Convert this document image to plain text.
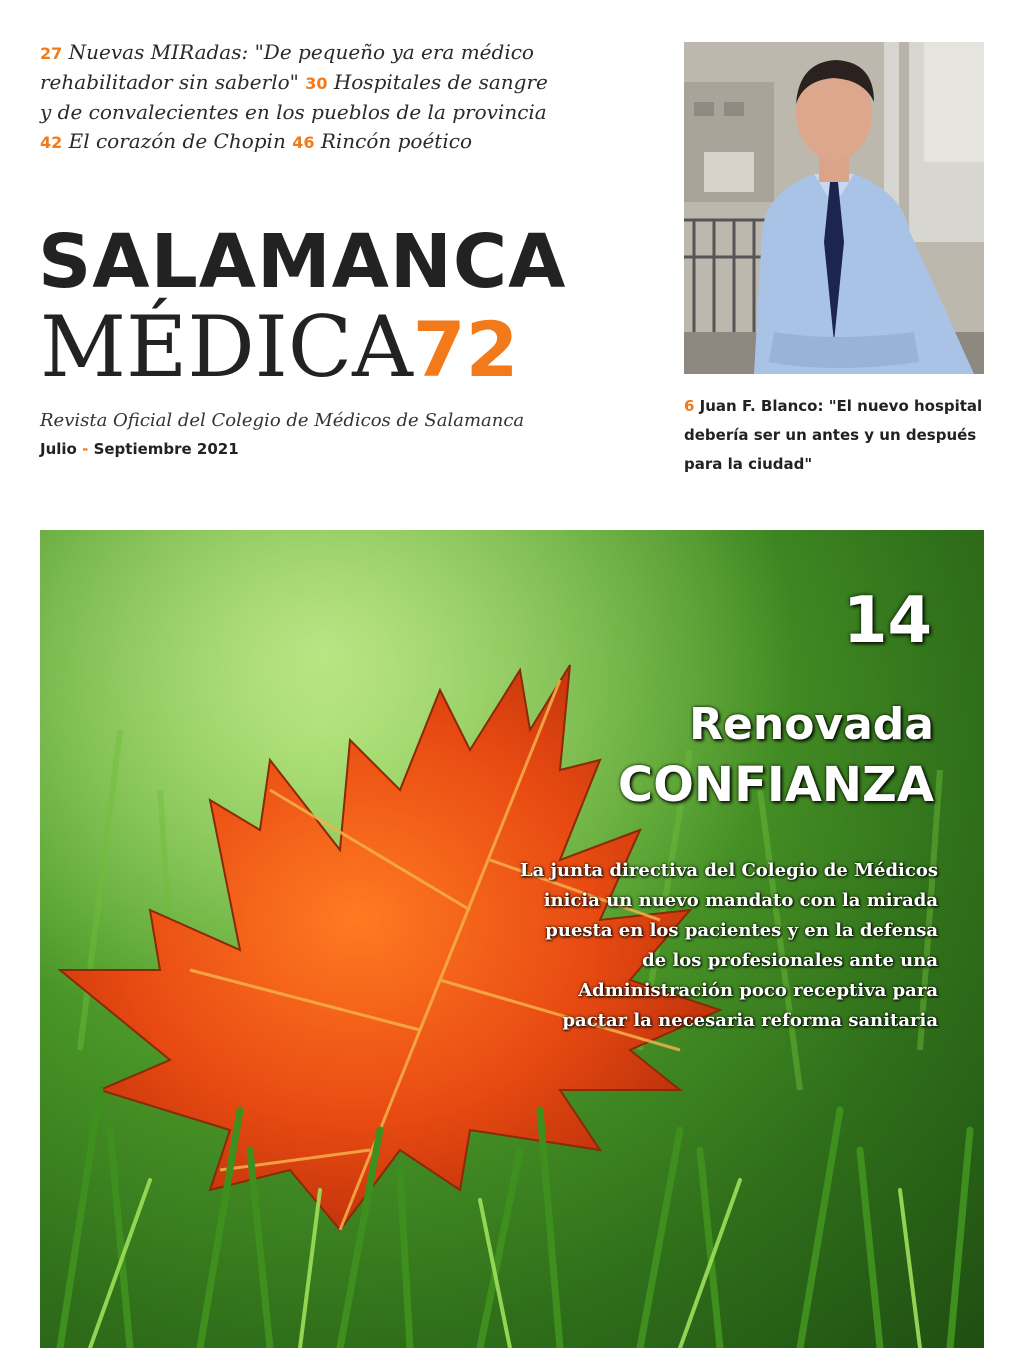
27 Nuevas MIRadas: "De pequeño ya era médico rehabilitador sin saberlo" 30 Hospitales de sangre y de convalecientes en los pueblos de la provincia 42 El corazón de Chopin 46 Rincón poético
SALAMANCA
MÉDICA72
Revista Oficial del Colegio de Médicos de Salamanca
Julio - Septiembre 2021
6 Juan F. Blanco: "El nuevo hospital debería ser un antes y un después para la ciudad"
14
Renovada
CONFIANZA
La junta directiva del Colegio de Médicos inicia un nuevo mandato con la mirada puesta en los pacientes y en la defensa de los profesionales ante una Administración poco receptiva para pactar la necesaria reforma sanitaria
